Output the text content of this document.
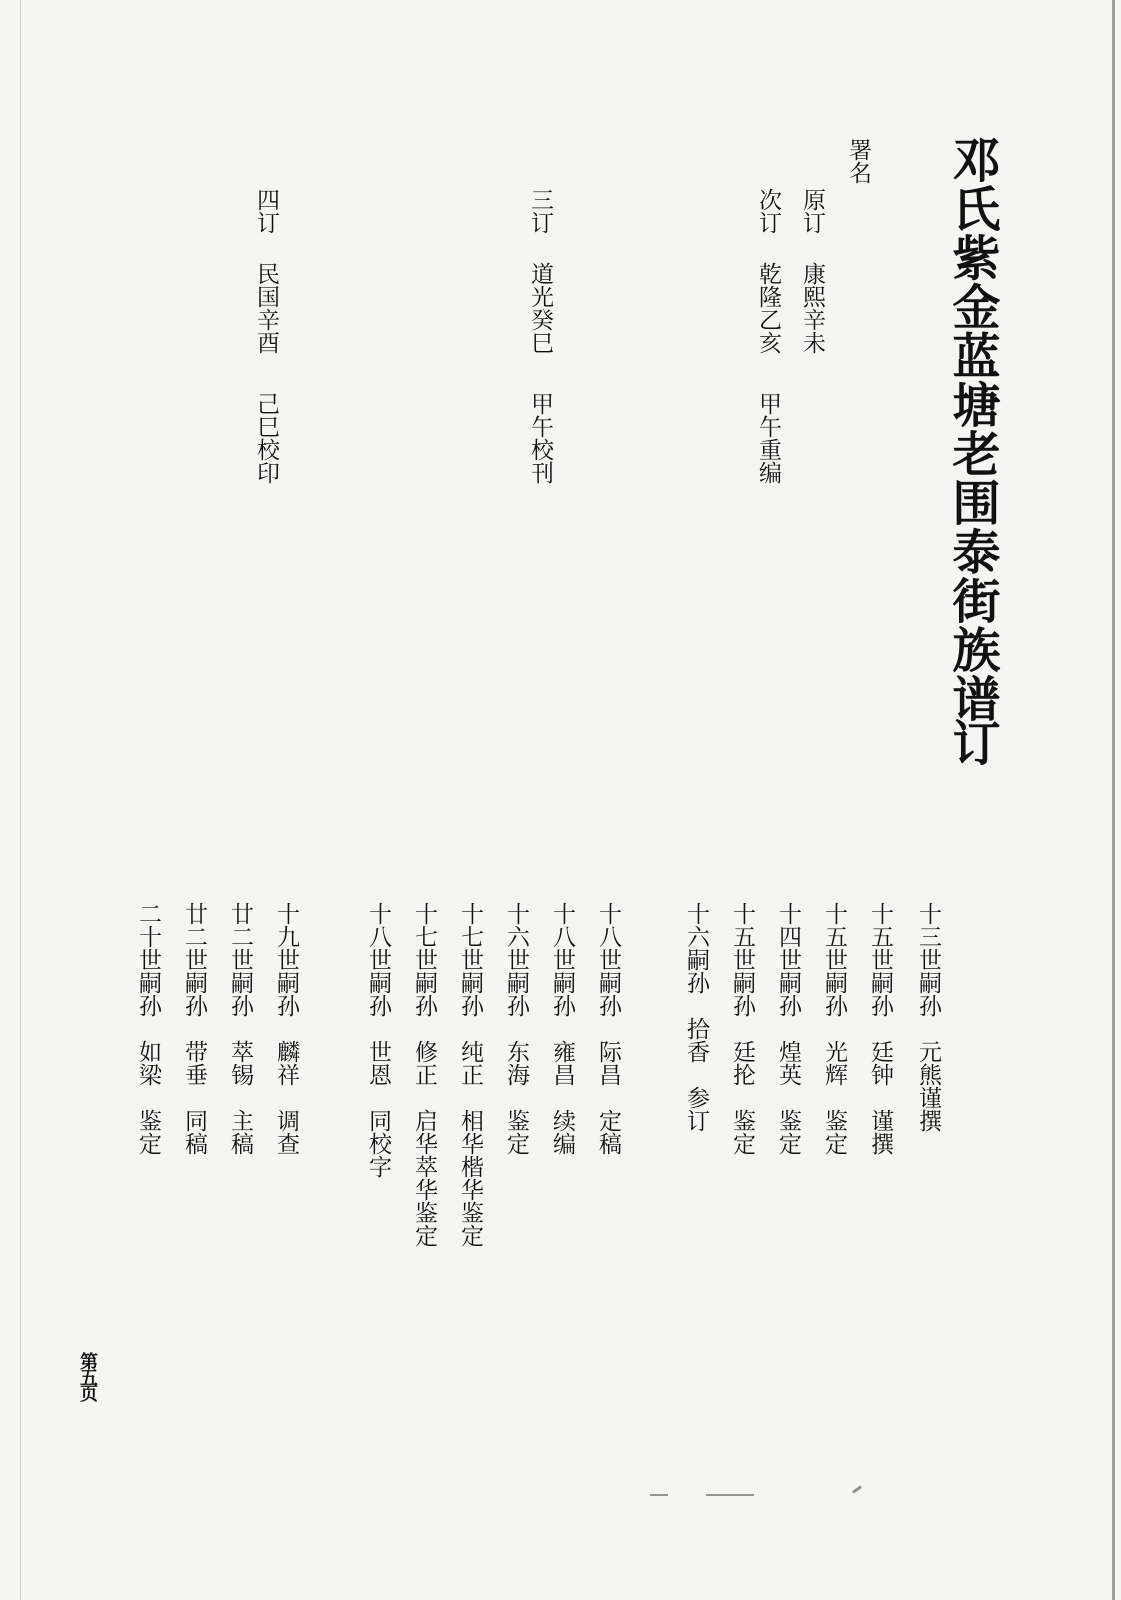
邓氏紫金蓝塘老围泰街族谱
订
署名
原订
康熙辛未
次订
乾隆乙亥
甲午重编
三订
道光癸巳
甲午校刊
四订
民国辛酉
己巳校印
十三世嗣孙　元熊谨撰
十五世嗣孙　廷钟　谨撰
十五世嗣孙　光辉　鉴定
十四世嗣孙　煌英　鉴定
十五世嗣孙　廷抡　鉴定
十六嗣孙　拾香　参订
十八世嗣孙　际昌　定稿
十八世嗣孙　雍昌　续编
十六世嗣孙　东海　鉴定
十七世嗣孙　纯正　相华楷华鉴定
十七世嗣孙　修正　启华萃华鉴定
十八世嗣孙　世恩　同校字
十九世嗣孙　麟祥　调查
廿二世嗣孙　萃锡　主稿
廿二世嗣孙　带垂　同稿
二十世嗣孙　如梁　鉴定
第五页
